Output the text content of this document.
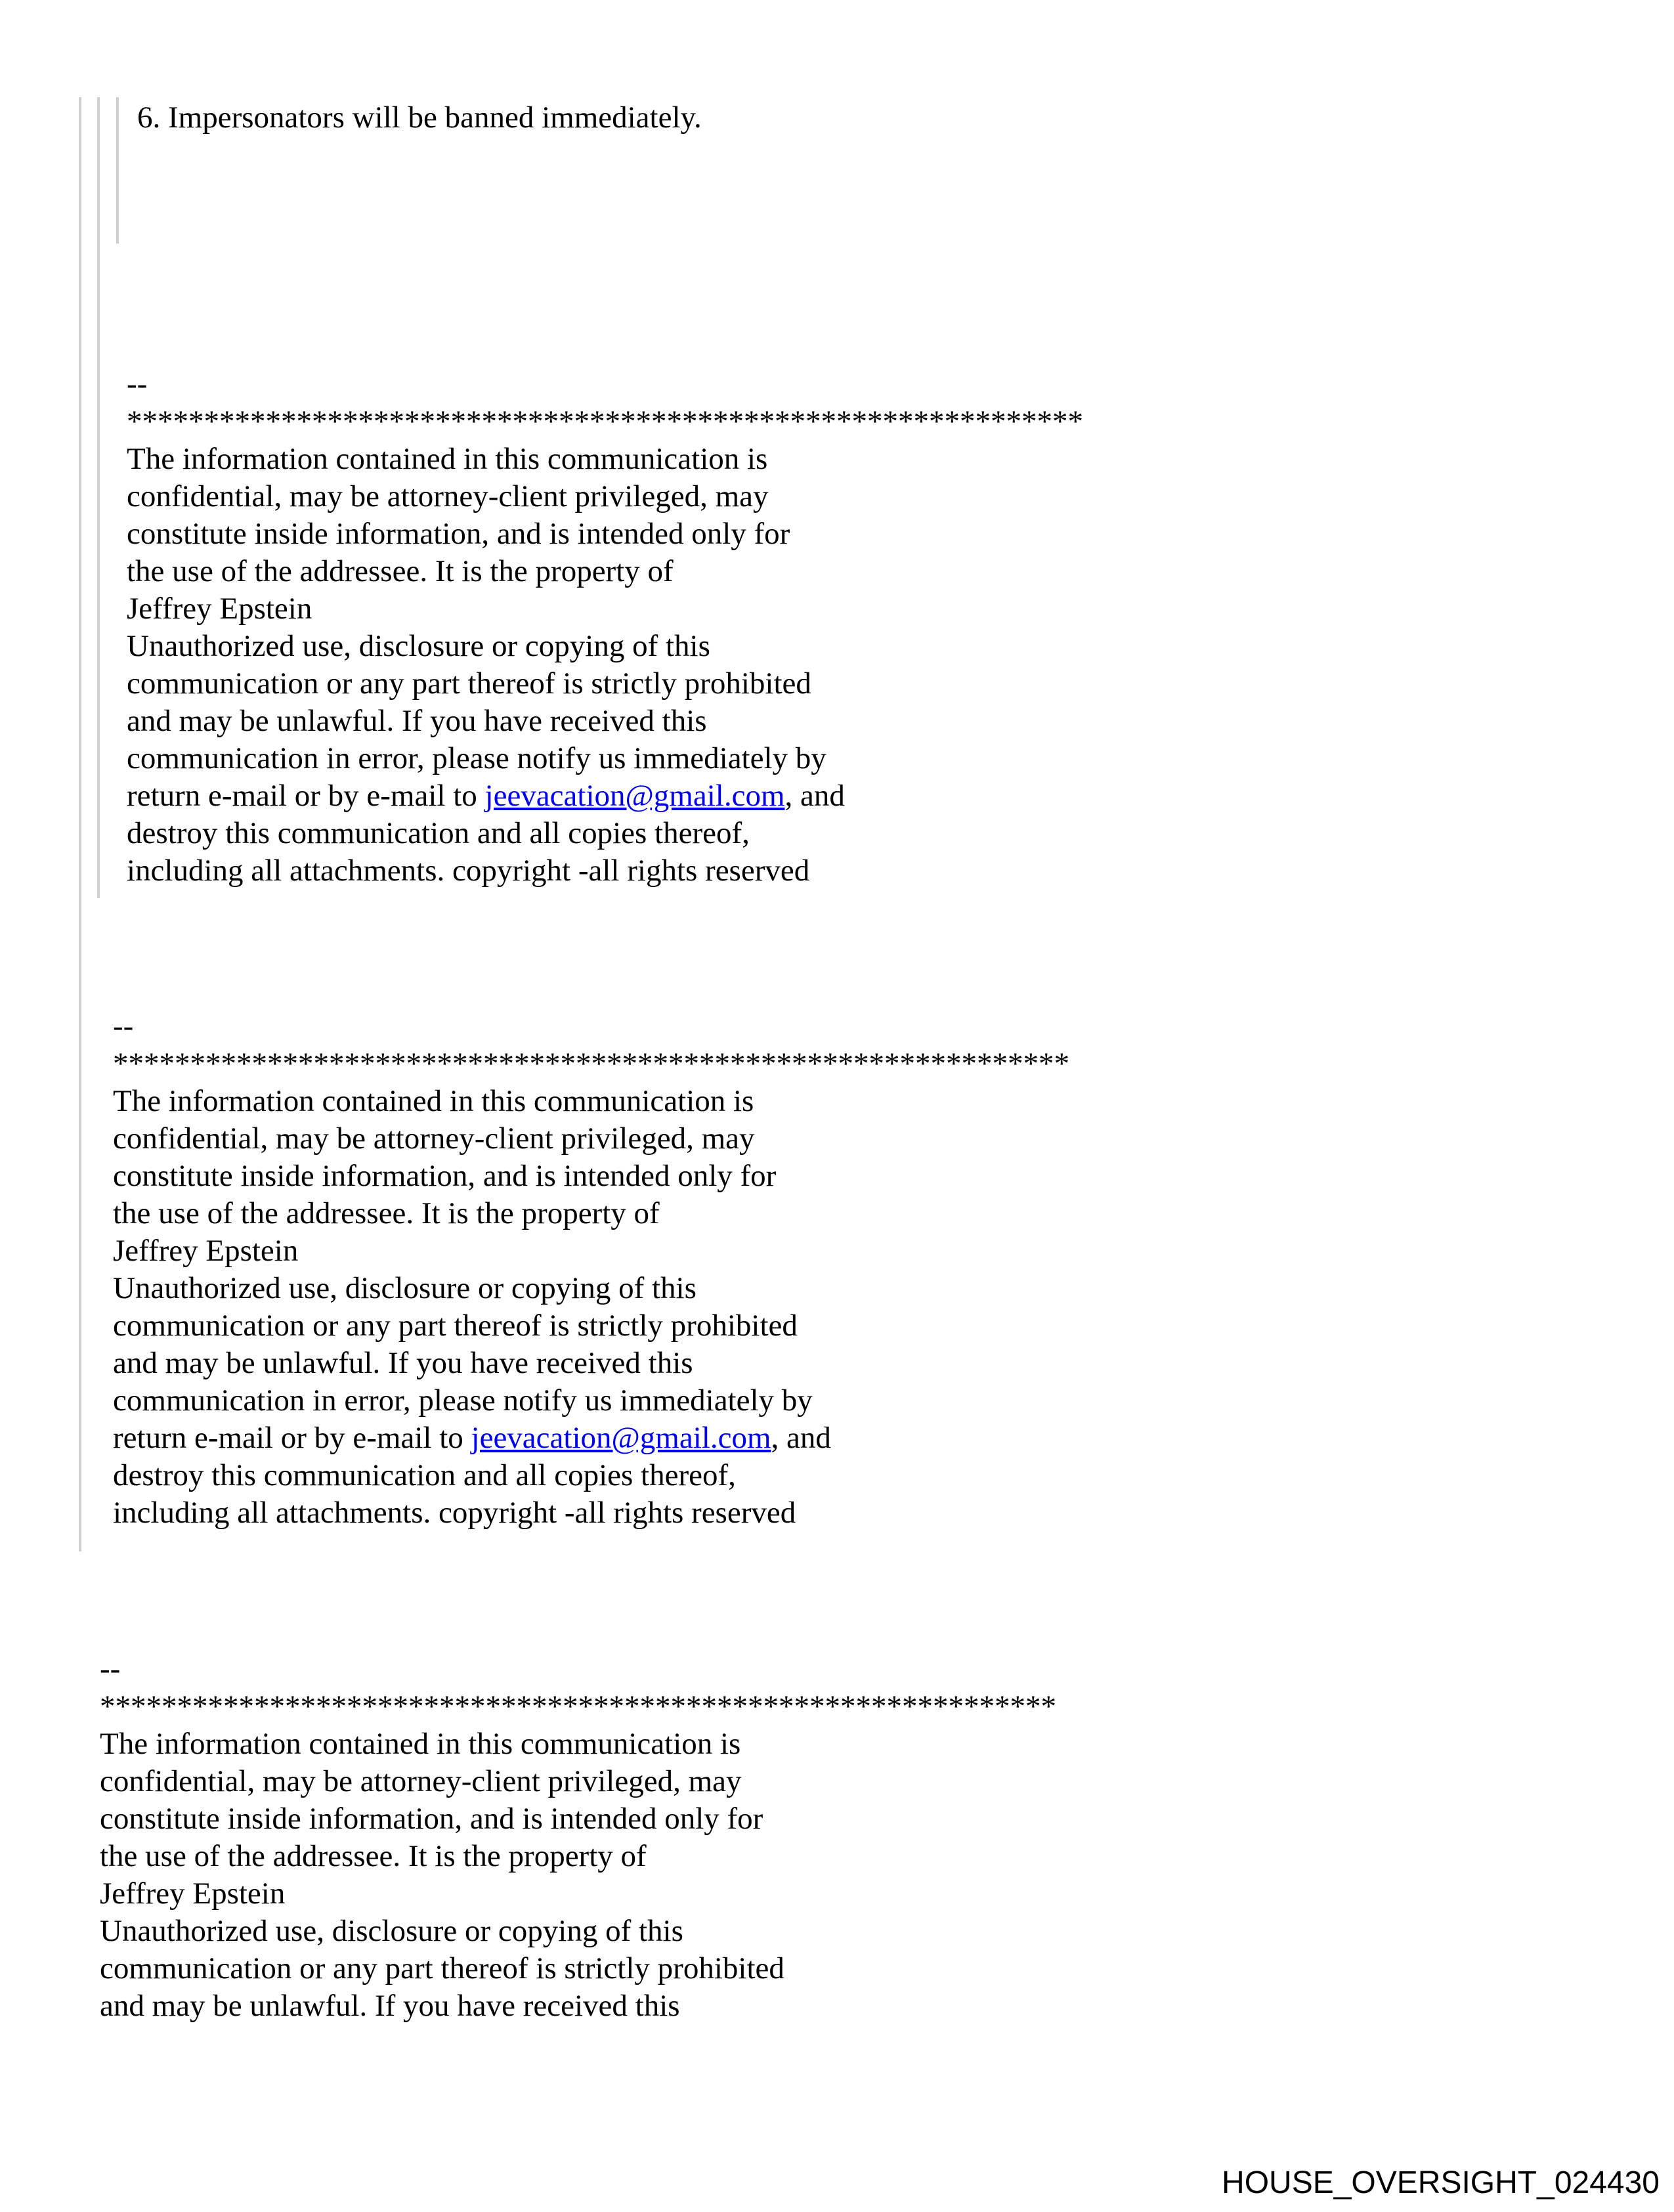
6. Impersonators will be banned immediately.
--
**************************************************************
The information contained in this communication is
confidential, may be attorney-client privileged, may
constitute inside information, and is intended only for
the use of the addressee. It is the property of
Jeffrey Epstein
Unauthorized use, disclosure or copying of this
communication or any part thereof is strictly prohibited
and may be unlawful. If you have received this
communication in error, please notify us immediately by
return e-mail or by e-mail to jeevacation@gmail.com, and
destroy this communication and all copies thereof,
including all attachments. copyright -all rights reserved
--
**************************************************************
The information contained in this communication is
confidential, may be attorney-client privileged, may
constitute inside information, and is intended only for
the use of the addressee. It is the property of
Jeffrey Epstein
Unauthorized use, disclosure or copying of this
communication or any part thereof is strictly prohibited
and may be unlawful. If you have received this
communication in error, please notify us immediately by
return e-mail or by e-mail to jeevacation@gmail.com, and
destroy this communication and all copies thereof,
including all attachments. copyright -all rights reserved
--
**************************************************************
The information contained in this communication is
confidential, may be attorney-client privileged, may
constitute inside information, and is intended only for
the use of the addressee. It is the property of
Jeffrey Epstein
Unauthorized use, disclosure or copying of this
communication or any part thereof is strictly prohibited
and may be unlawful. If you have received this
HOUSE_OVERSIGHT_024430
